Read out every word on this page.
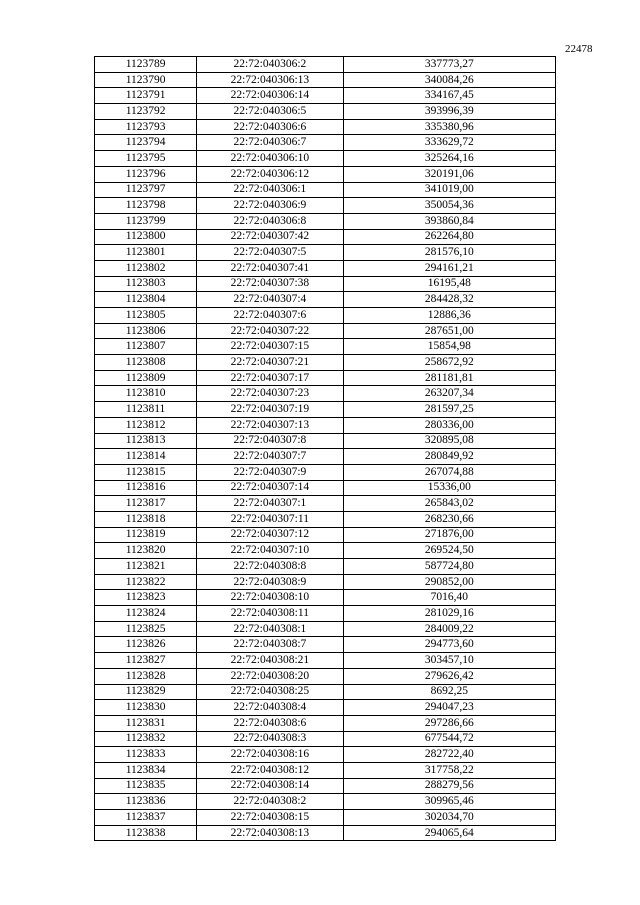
22478
1123789	22:72:040306:2	337773,27
1123790	22:72:040306:13	340084,26
1123791	22:72:040306:14	334167,45
1123792	22:72:040306:5	393996,39
1123793	22:72:040306:6	335380,96
1123794	22:72:040306:7	333629,72
1123795	22:72:040306:10	325264,16
1123796	22:72:040306:12	320191,06
1123797	22:72:040306:1	341019,00
1123798	22:72:040306:9	350054,36
1123799	22:72:040306:8	393860,84
1123800	22:72:040307:42	262264,80
1123801	22:72:040307:5	281576,10
1123802	22:72:040307:41	294161,21
1123803	22:72:040307:38	16195,48
1123804	22:72:040307:4	284428,32
1123805	22:72:040307:6	12886,36
1123806	22:72:040307:22	287651,00
1123807	22:72:040307:15	15854,98
1123808	22:72:040307:21	258672,92
1123809	22:72:040307:17	281181,81
1123810	22:72:040307:23	263207,34
1123811	22:72:040307:19	281597,25
1123812	22:72:040307:13	280336,00
1123813	22:72:040307:8	320895,08
1123814	22:72:040307:7	280849,92
1123815	22:72:040307:9	267074,88
1123816	22:72:040307:14	15336,00
1123817	22:72:040307:1	265843,02
1123818	22:72:040307:11	268230,66
1123819	22:72:040307:12	271876,00
1123820	22:72:040307:10	269524,50
1123821	22:72:040308:8	587724,80
1123822	22:72:040308:9	290852,00
1123823	22:72:040308:10	7016,40
1123824	22:72:040308:11	281029,16
1123825	22:72:040308:1	284009,22
1123826	22:72:040308:7	294773,60
1123827	22:72:040308:21	303457,10
1123828	22:72:040308:20	279626,42
1123829	22:72:040308:25	8692,25
1123830	22:72:040308:4	294047,23
1123831	22:72:040308:6	297286,66
1123832	22:72:040308:3	677544,72
1123833	22:72:040308:16	282722,40
1123834	22:72:040308:12	317758,22
1123835	22:72:040308:14	288279,56
1123836	22:72:040308:2	309965,46
1123837	22:72:040308:15	302034,70
1123838	22:72:040308:13	294065,64
